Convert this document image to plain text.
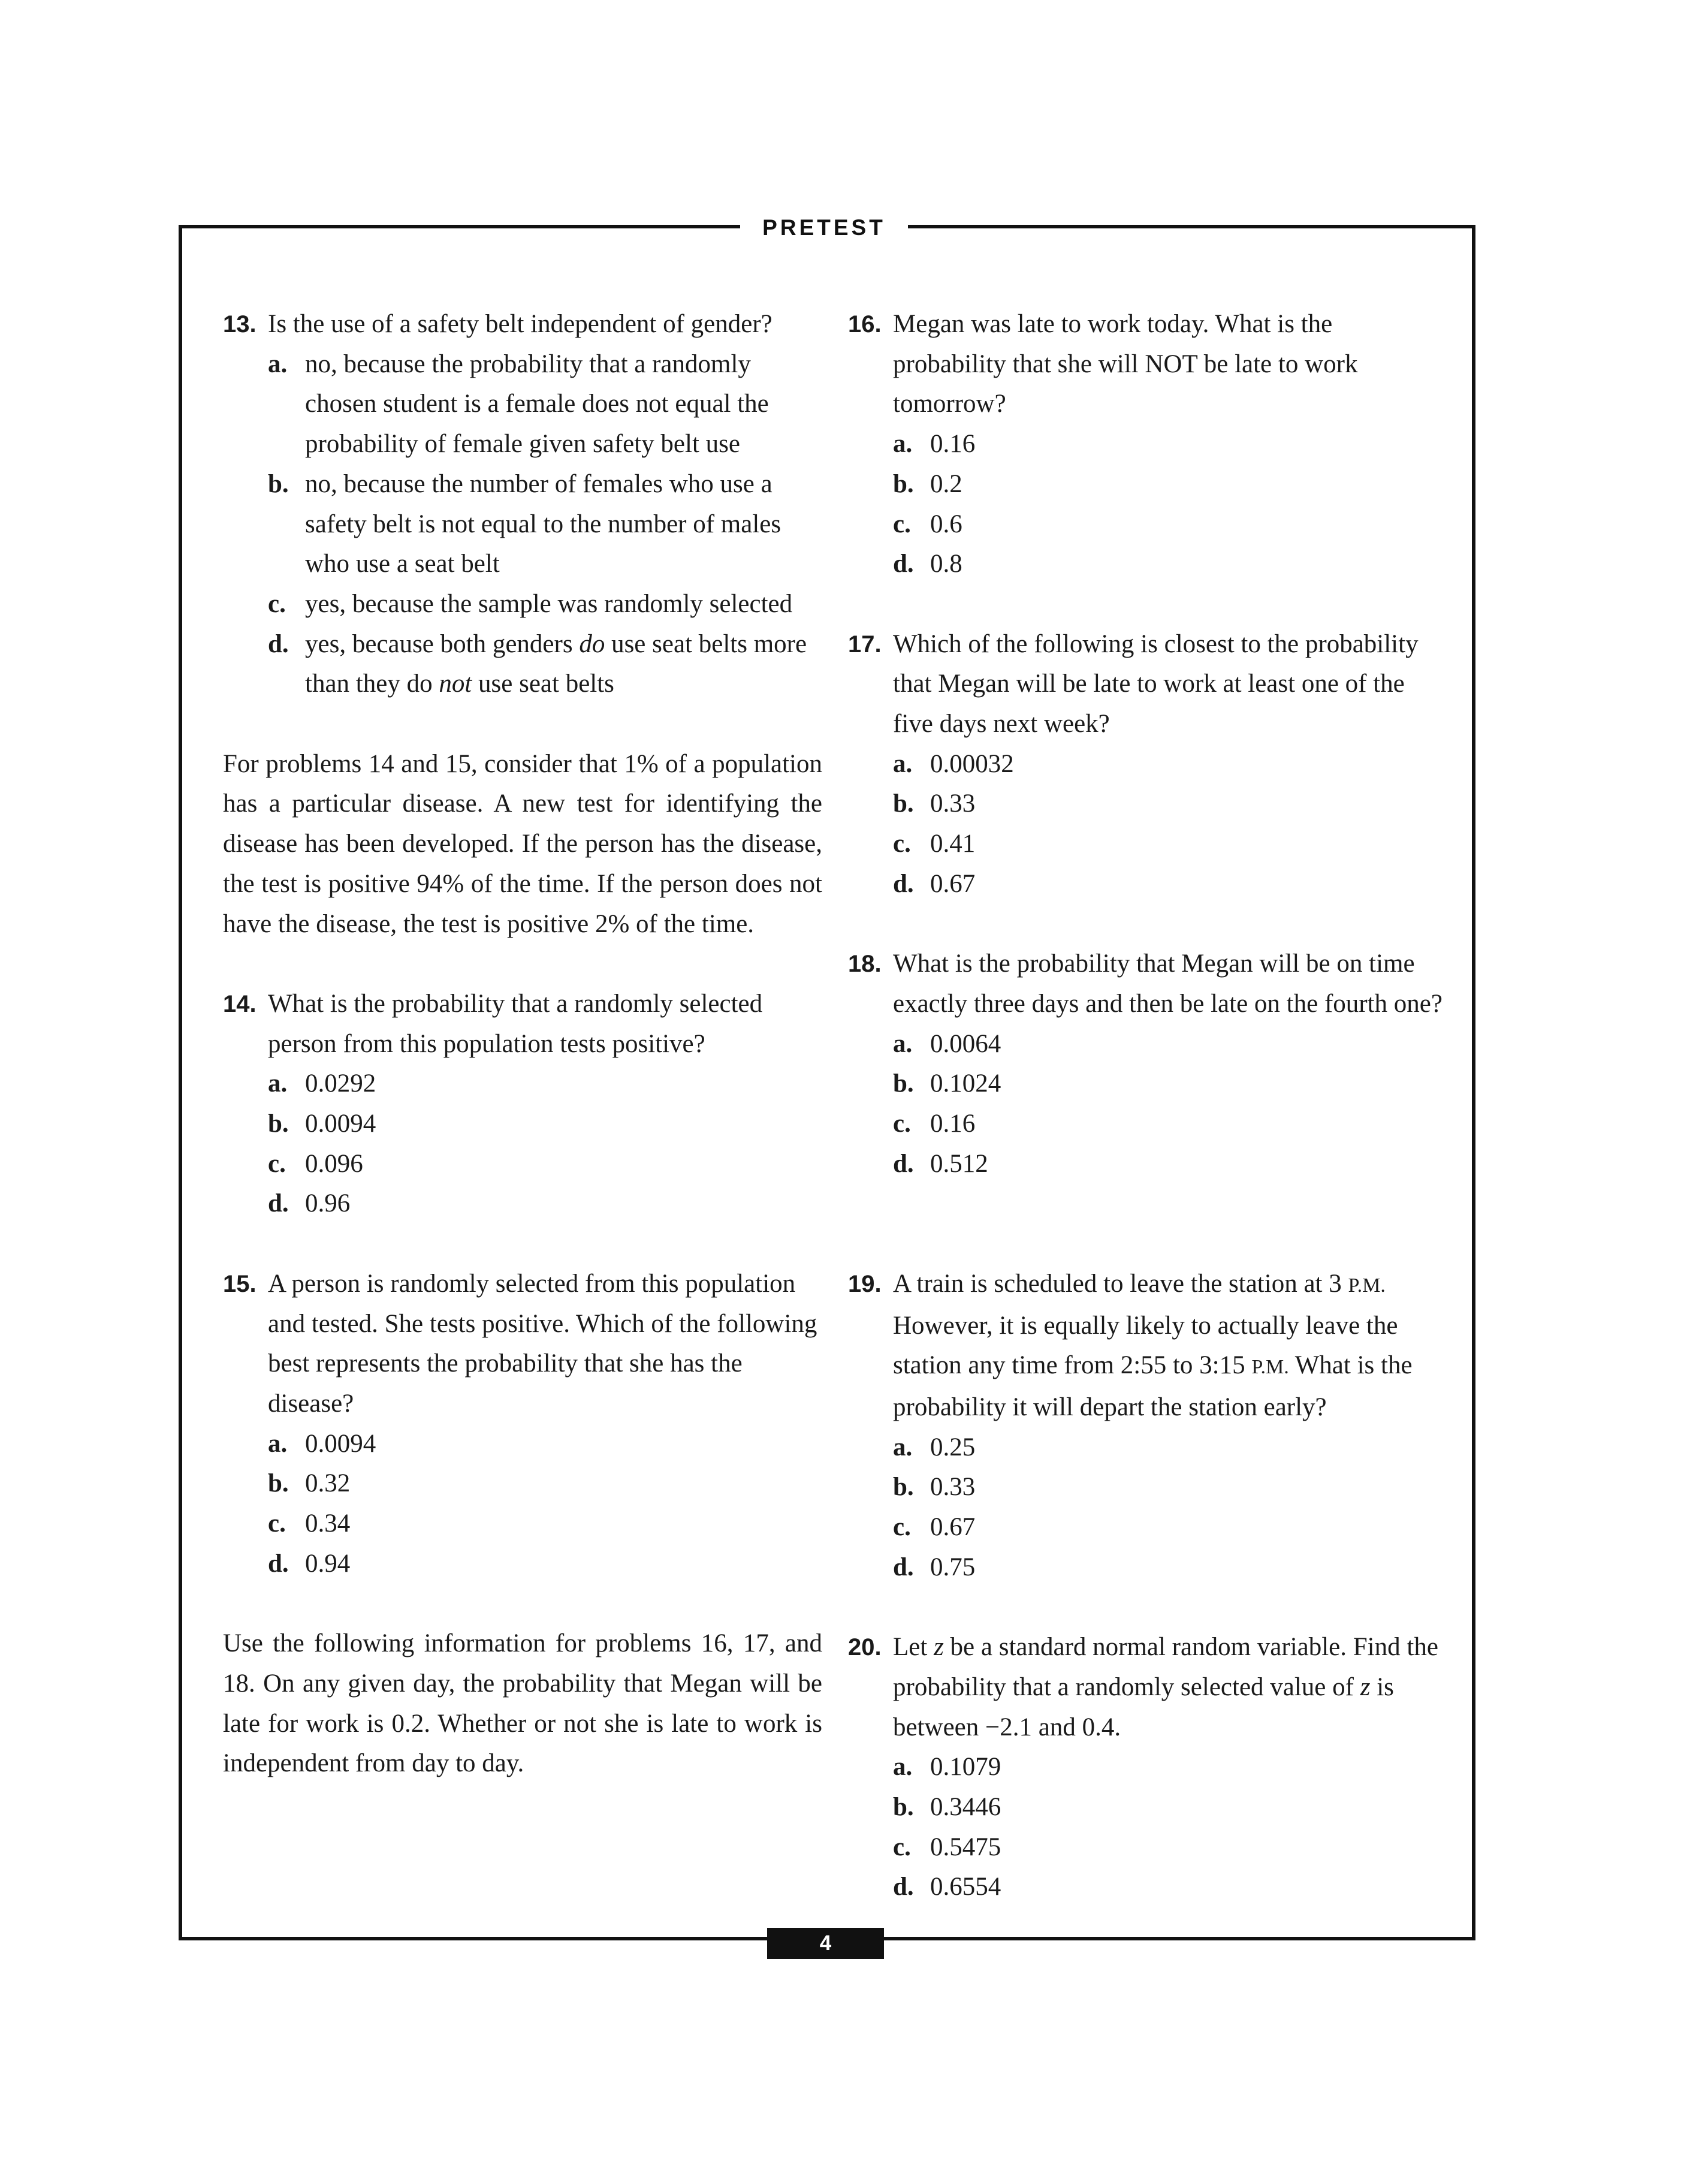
PRETEST
13. Is the use of a safety belt independent of gender?
a. no, because the probability that a randomly chosen student is a female does not equal the probability of female given safety belt use
b. no, because the number of females who use a safety belt is not equal to the number of males who use a seat belt
c. yes, because the sample was randomly selected
d. yes, because both genders do use seat belts more than they do not use seat belts
For problems 14 and 15, consider that 1% of a population has a particular disease. A new test for identifying the disease has been developed. If the person has the disease, the test is positive 94% of the time. If the person does not have the disease, the test is positive 2% of the time.
14. What is the probability that a randomly selected person from this population tests positive?
a. 0.0292
b. 0.0094
c. 0.096
d. 0.96
15. A person is randomly selected from this population and tested. She tests positive. Which of the following best represents the probability that she has the disease?
a. 0.0094
b. 0.32
c. 0.34
d. 0.94
Use the following information for problems 16, 17, and 18. On any given day, the probability that Megan will be late for work is 0.2. Whether or not she is late to work is independent from day to day.
16. Megan was late to work today. What is the probability that she will NOT be late to work tomorrow?
a. 0.16
b. 0.2
c. 0.6
d. 0.8
17. Which of the following is closest to the probability that Megan will be late to work at least one of the five days next week?
a. 0.00032
b. 0.33
c. 0.41
d. 0.67
18. What is the probability that Megan will be on time exactly three days and then be late on the fourth one?
a. 0.0064
b. 0.1024
c. 0.16
d. 0.512
19. A train is scheduled to leave the station at 3 P.M. However, it is equally likely to actually leave the station any time from 2:55 to 3:15 P.M. What is the probability it will depart the station early?
a. 0.25
b. 0.33
c. 0.67
d. 0.75
20. Let z be a standard normal random variable. Find the probability that a randomly selected value of z is between −2.1 and 0.4.
a. 0.1079
b. 0.3446
c. 0.5475
d. 0.6554
4
